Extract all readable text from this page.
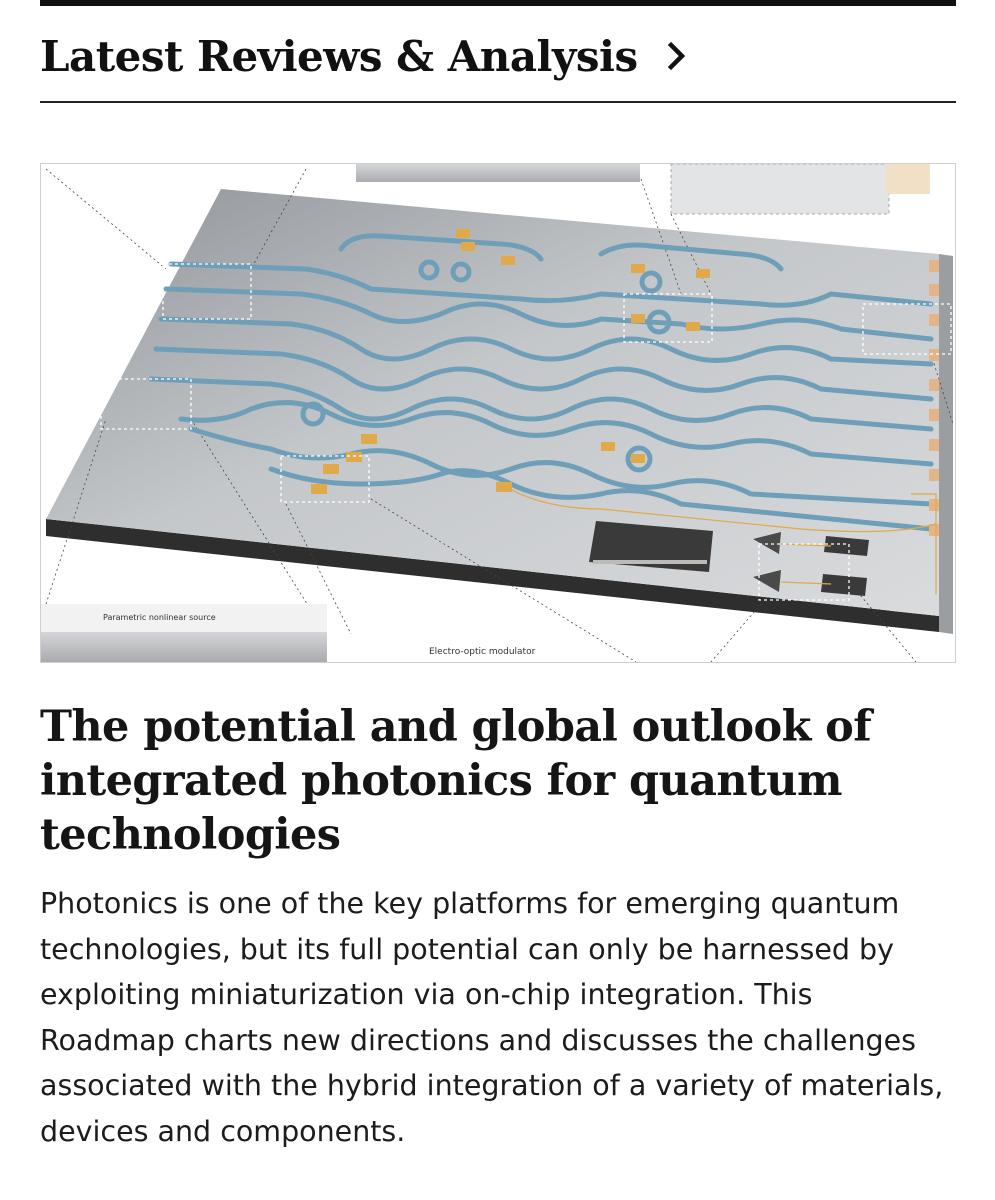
Latest Reviews & Analysis
Parametric nonlinear source
Electro-optic modulator
The potential and global outlook of integrated photonics for quantum technologies

Photonics is one of the key platforms for emerging quantum technologies, but its full potential can only be harnessed by exploiting miniaturization via on-chip integration. This Roadmap charts new directions and discusses the challenges associated with the hybrid integration of a variety of materials, devices and components.
